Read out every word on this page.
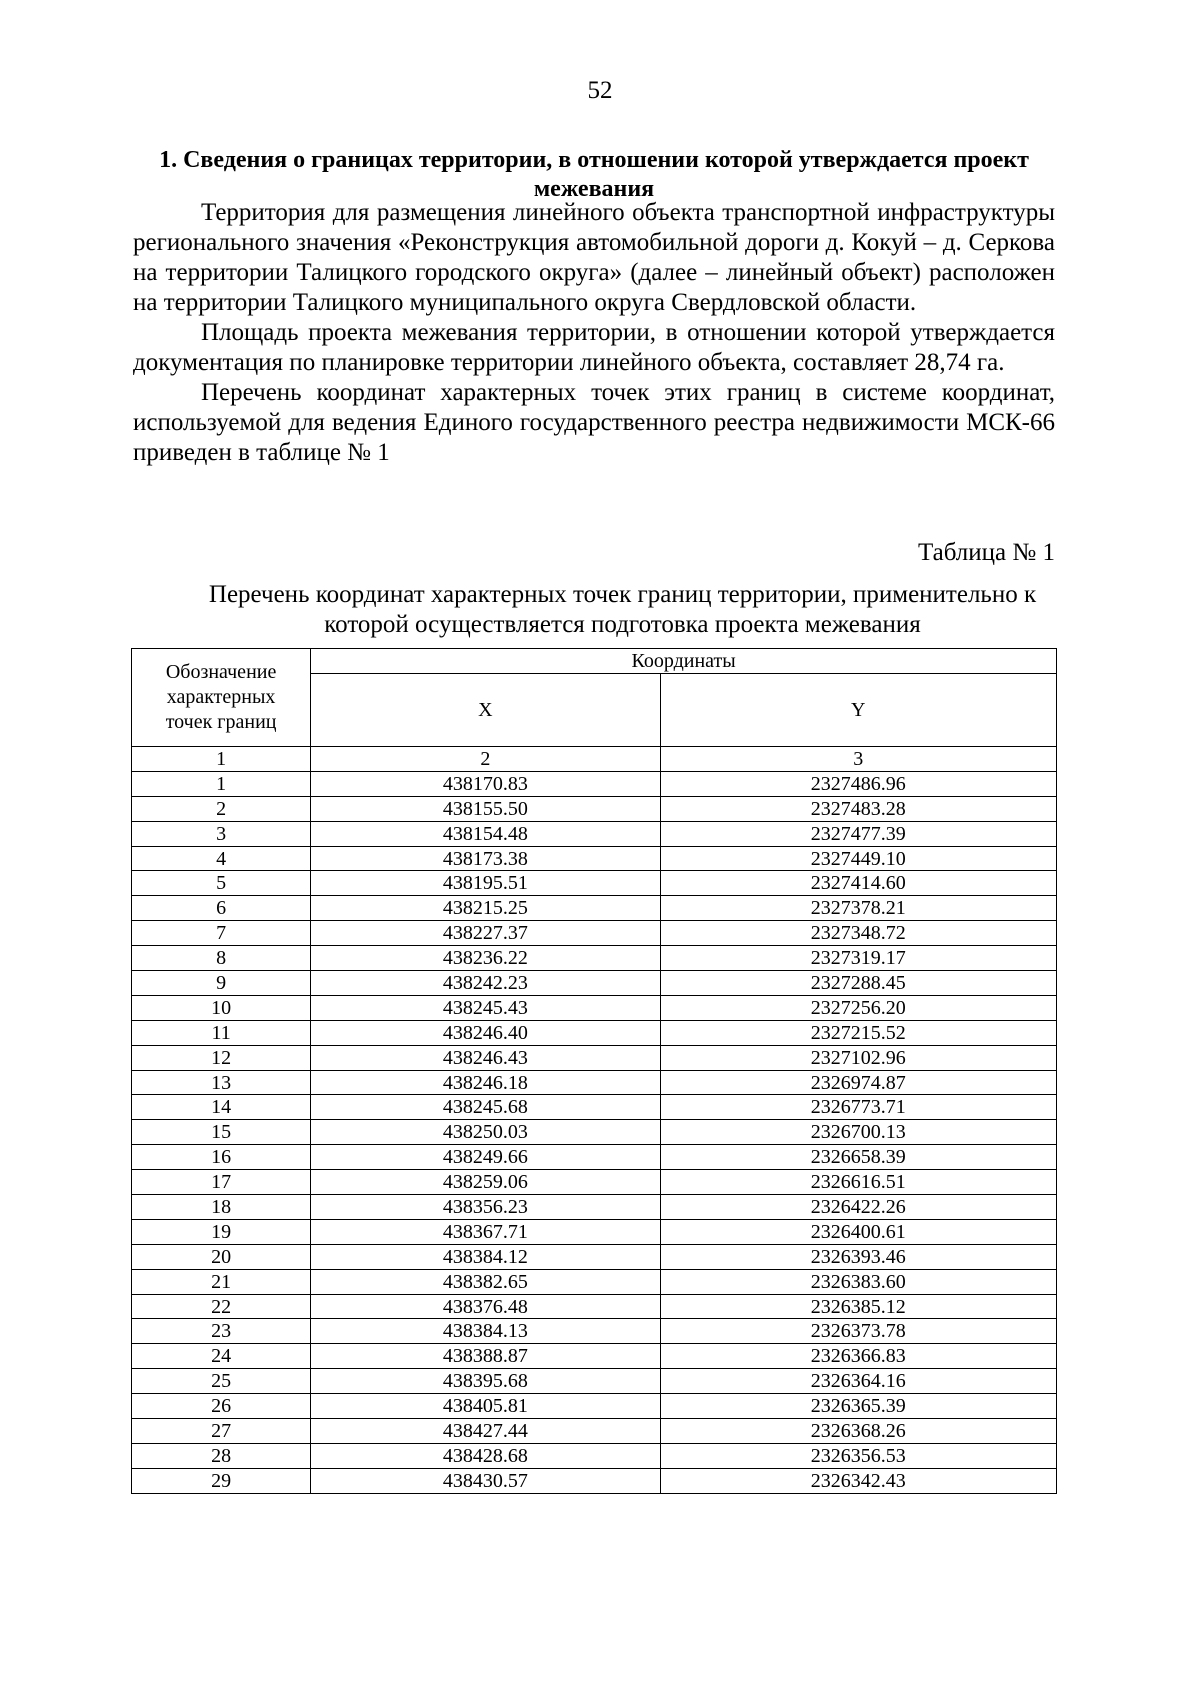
52
1. Сведения о границах территории, в отношении которой утверждается проект межевания

Территория для размещения линейного объекта транспортной инфраструктуры регионального значения «Реконструкция автомобильной дороги д. Кокуй – д. Серкова на территории Талицкого городского округа» (далее – линейный объект) расположен на территории Талицкого муниципального округа Свердловской области.

Площадь проекта межевания территории, в отношении которой утверждается документация по планировке территории линейного объекта, составляет 28,74 га.

Перечень координат характерных точек этих границ в системе координат, используемой для ведения Единого государственного реестра недвижимости МСК-66 приведен в таблице № 1

Таблица № 1
Перечень координат характерных точек границ территории, применительно к которой осуществляется подготовка проекта межевания
Обозначение характерных точек границ	Координаты	
	X	Y
1	2	3
1	438170.83	2327486.96
2	438155.50	2327483.28
3	438154.48	2327477.39
4	438173.38	2327449.10
5	438195.51	2327414.60
6	438215.25	2327378.21
7	438227.37	2327348.72
8	438236.22	2327319.17
9	438242.23	2327288.45
10	438245.43	2327256.20
11	438246.40	2327215.52
12	438246.43	2327102.96
13	438246.18	2326974.87
14	438245.68	2326773.71
15	438250.03	2326700.13
16	438249.66	2326658.39
17	438259.06	2326616.51
18	438356.23	2326422.26
19	438367.71	2326400.61
20	438384.12	2326393.46
21	438382.65	2326383.60
22	438376.48	2326385.12
23	438384.13	2326373.78
24	438388.87	2326366.83
25	438395.68	2326364.16
26	438405.81	2326365.39
27	438427.44	2326368.26
28	438428.68	2326356.53
29	438430.57	2326342.43
